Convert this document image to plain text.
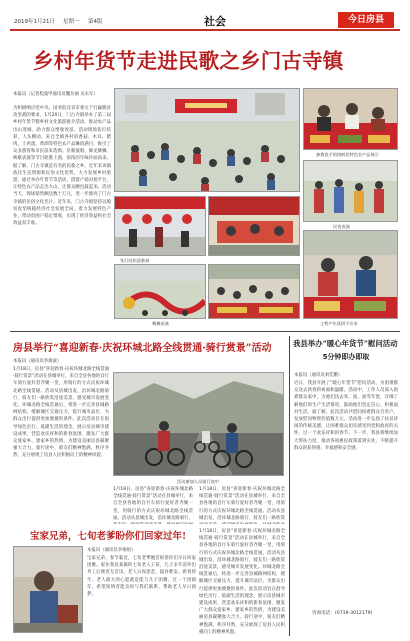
2019年1月21日 星期一 第4版	社会	今日房县
乡村年货节走进民歌之乡门古寺镇
本报讯（记者程曼甲通讯员魏丛丽 吴永军）
为积极响应党中央、国务院及省市委关于打赢脱贫攻坚战的要求，1月20日，门古寺镇举办了第二届乡村年货节暨乡村文化旅游推介活动，推动农产品出山进城，助力群众增收致富。活动现场张灯结彩，人头攒动，来自全镇各村的香菇、木耳、腊肉、土鸡蛋、黄酒等特色农产品琳琅满目，吸引了众多游客和市民前来选购。民歌演唱、舞龙舞狮、秧歌表演等节目轮番上演，浓浓的年味扑面而来。据了解，门古寺镇是有名的民歌之乡，近年来该镇依托生态资源和民俗文化优势，大力发展乡村旅游，通过举办年货节等活动，搭建产销对接平台，让特色农产品走出大山，让群众腰包鼓起来。活动当天，现场销售额达数十万元，进一步擦亮了门古寺镇的民俗文化名片。近年来，门古寺镇坚持以脱贫攻坚统揽经济社会发展全局，着力发展特色产业，带动贫困户稳定增收，实现了经济效益和社会效益双丰收。
参赛选手围绕鲜花特色农产品展示
民俗表演
张灯结彩迎新春
舞狮表演	土特产年货供不应求
房县举行“喜迎新春·庆祝环城北路全线贯通·骑行赏景”活动
本报讯（通讯员李俊波）
1月18日，房县“喜迎新春·庆祝环城北路全线贯通·骑行赏景”活动在县城举行，来自全县各地的自行车骑行爱好者齐聚一堂，用骑行的方式庆祝环城北路全线贯通。活动从县城出发，沿环城北路骑行，骑友们一路欣赏沿途美景，感受城市发展变化。环城北路全线贯通后，将进一步完善县城路网结构，缓解城区交通压力，提升城市品位，为群众出行提供更加便捷的条件。此次活动旨在倡导绿色出行、低碳生活的理念，展示房县城市建设成果，营造欢乐祥和的新春氛围，激发广大群众爱家乡、建家乡的热情，为建设美丽房县凝聚强大合力。骑行途中，骑友们精神饱满，秩序井然，充分展现了房县人民积极向上的精神风貌。
活动参加人员骑行途中
1月18日，房县“喜迎新春·庆祝环城北路全线贯通·骑行赏景”活动在县城举行，来自全县各地的自行车骑行爱好者齐聚一堂，用骑行的方式庆祝环城北路全线贯通。活动从县城出发，沿环城北路骑行，
1月18日，房县“喜迎新春·庆祝环城北路全线贯通·骑行赏景”活动在县城举行，来自全县各地的自行车骑行爱好者齐聚一堂，用骑行的方式庆祝环城北路全线贯通。活动从县城出发，沿环城北路骑行，骑友们一路欣赏
宝家兄弟，七旬老爹盼你们回家过年!
本报讯（通讯员李俊娟）
宝家兄弟，春节临近，七旬老爹翘首盼望你们早日回家团聚。家住我县某镇的七旬老人王某，儿子多年前外出务工后便杳无音讯，老人日夜思念，寝食难安。新春将至，老人最大的心愿就是能与儿子团聚，过一个团圆年。希望知情者能及时与我们联系，帮助老人早日圆梦。
1月18日，房县“喜迎新春·庆祝环城北路全线贯通·骑行赏景”活动在县城举行，来自全县各地的自行车骑行爱好者齐聚一堂，用骑行的方式庆祝环城北路全线贯通。活动从县城出发，沿环城北路骑行，骑友们一路欣赏沿途美景，感受城市发展变化。环城北路全线贯通后，将进一步完善县城路网结构，缓解城区交通压力，提升城市品位，为群众出行提供更加便捷的条件。此次活动旨在倡导绿色出行、低碳生活的理念，展示房县城市建设成果，营造欢乐祥和的新春氛围，激发广大群众爱家乡、建家乡的热情，为建设美丽房县凝聚强大合力。骑行途中，骑友们精神饱满，秩序井然，充分展现了房县人民积极向上的精神风貌。
我县举办“暖心年货节”慰问活动
5分钟即办即取
本报讯（通讯员刘佳鹏）
近日，我县开展了“暖心年货节”慰问活动，为困难群众送去新春的祝福和温暖。活动中，工作人员深入困难群众家中，为他们送去米、面、油等年货，详细了解他们的生产生活情况，鼓励他们坚定信心，积极面对生活。据了解，此次活动共慰问困难群众百余户，发放慰问物资价值数万元。活动进一步弘扬了扶贫济困的传统美德，让困难群众切实感受到党和政府的关怀，过一个欢乐祥和的春节。下一步，我县将继续加大帮扶力度，推动各项惠民政策落到实处，不断提升群众的获得感、幸福感和安全感。
咨询电话：(0719-3012179)
